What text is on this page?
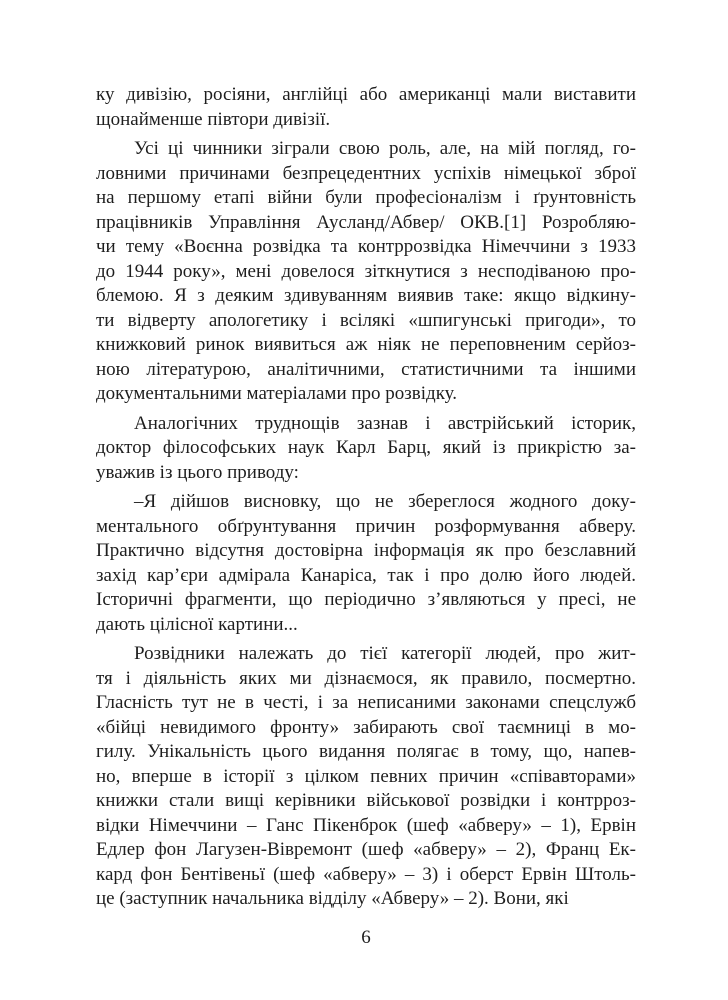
ку дивізію, росіяни, англійці або американці мали виставити
щонайменше півтори дивізії.
Усі ці чинники зіграли свою роль, але, на мій погляд, го-
ловними причинами безпрецедентних успіхів німецької зброї
на першому етапі війни були професіоналізм і ґрунтовність
працівників Управління Аусланд/Абвер/ ОКВ.[1] Розробляю-
чи тему «Воєнна розвідка та контррозвідка Німеччини з 1933
до 1944 року», мені довелося зіткнутися з несподіваною про-
блемою. Я з деяким здивуванням виявив таке: якщо відкину-
ти відверту апологетику і всілякі «шпигунські пригоди», то
книжковий ринок виявиться аж ніяк не переповненим серйоз-
ною літературою, аналітичними, статистичними та іншими
документальними матеріалами про розвідку.
Аналогічних труднощів зазнав і австрійський історик,
доктор філософських наук Карл Барц, який із прикрістю за-
уважив із цього приводу:
–Я дійшов висновку, що не збереглося жодного доку-
ментального обґрунтування причин розформування абверу.
Практично відсутня достовірна інформація як про безславний
захід кар’єри адмірала Канаріса, так і про долю його людей.
Історичні фрагменти, що періодично з’являються у пресі, не
дають цілісної картини...
Розвідники належать до тієї категорії людей, про жит-
тя і діяльність яких ми дізнаємося, як правило, посмертно.
Гласність тут не в честі, і за неписаними законами спецслужб
«бійці невидимого фронту» забирають свої таємниці в мо-
гилу. Унікальність цього видання полягає в тому, що, напев-
но, вперше в історії з цілком певних причин «співавторами»
книжки стали вищі керівники військової розвідки і контрроз-
відки Німеччини – Ганс Пікенброк (шеф «абверу» – 1), Ервін
Едлер фон Лагузен-Вівремонт (шеф «абверу» – 2), Франц Ек-
кард фон Бентівеньї (шеф «абверу» – 3) і оберст Ервін Штоль-
це (заступник начальника відділу «Абверу» – 2). Вони, які
6
